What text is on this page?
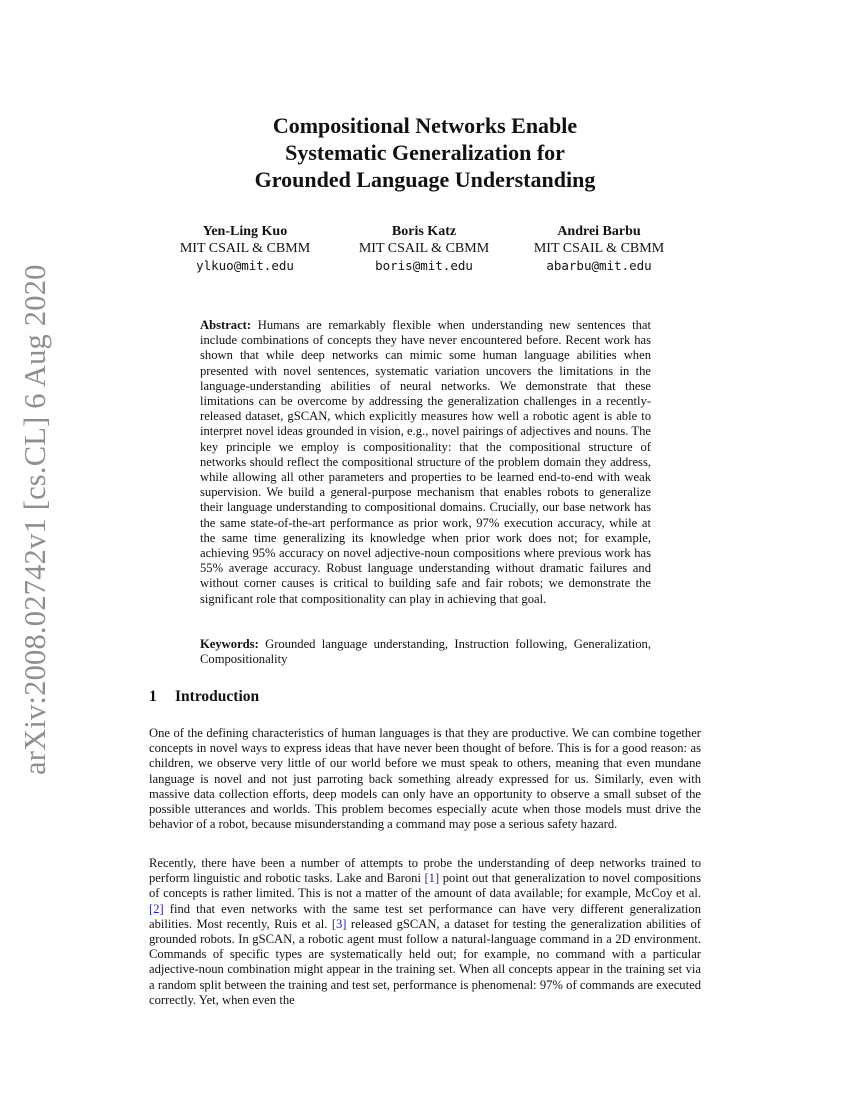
arXiv:2008.02742v1 [cs.CL] 6 Aug 2020
Compositional Networks Enable
Systematic Generalization for
Grounded Language Understanding
Yen-Ling Kuo
MIT CSAIL & CBMM
ylkuo@mit.edu
Boris Katz
MIT CSAIL & CBMM
boris@mit.edu
Andrei Barbu
MIT CSAIL & CBMM
abarbu@mit.edu

Abstract: Humans are remarkably flexible when understanding new sentences that include combinations of concepts they have never encountered before. Recent work has shown that while deep networks can mimic some human language abilities when presented with novel sentences, systematic variation uncovers the limitations in the language-understanding abilities of neural networks. We demonstrate that these limitations can be overcome by addressing the generalization challenges in a recently-released dataset, gSCAN, which explicitly measures how well a robotic agent is able to interpret novel ideas grounded in vision, e.g., novel pairings of adjectives and nouns. The key principle we employ is compositionality: that the compositional structure of networks should reflect the compositional structure of the problem domain they address, while allowing all other parameters and properties to be learned end-to-end with weak supervision. We build a general-purpose mechanism that enables robots to generalize their language understanding to compositional domains. Crucially, our base network has the same state-of-the-art performance as prior work, 97% execution accuracy, while at the same time generalizing its knowledge when prior work does not; for example, achieving 95% accuracy on novel adjective-noun compositions where previous work has 55% average accuracy. Robust language understanding without dramatic failures and without corner causes is critical to building safe and fair robots; we demonstrate the significant role that compositionality can play in achieving that goal.

Keywords: Grounded language understanding, Instruction following, Generalization, Compositionality

1 Introduction

One of the defining characteristics of human languages is that they are productive. We can combine together concepts in novel ways to express ideas that have never been thought of before. This is for a good reason: as children, we observe very little of our world before we must speak to others, meaning that even mundane language is novel and not just parroting back something already expressed for us. Similarly, even with massive data collection efforts, deep models can only have an opportunity to observe a small subset of the possible utterances and worlds. This problem becomes especially acute when those models must drive the behavior of a robot, because misunderstanding a command may pose a serious safety hazard.

Recently, there have been a number of attempts to probe the understanding of deep networks trained to perform linguistic and robotic tasks. Lake and Baroni [1] point out that generalization to novel compositions of concepts is rather limited. This is not a matter of the amount of data available; for example, McCoy et al. [2] find that even networks with the same test set performance can have very different generalization abilities. Most recently, Ruis et al. [3] released gSCAN, a dataset for testing the generalization abilities of grounded robots. In gSCAN, a robotic agent must follow a natural-language command in a 2D environment. Commands of specific types are systematically held out; for example, no command with a particular adjective-noun combination might appear in the training set. When all concepts appear in the training set via a random split between the training and test set, performance is phenomenal: 97% of commands are executed correctly. Yet, when even the
